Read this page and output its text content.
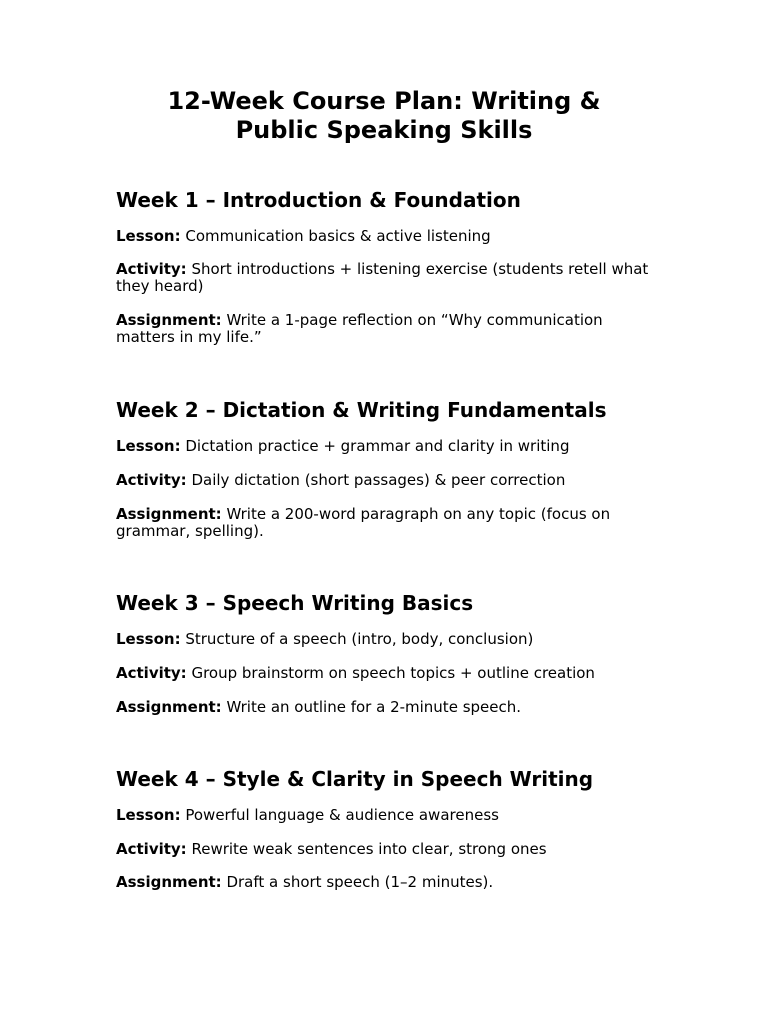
12-Week Course Plan: Writing &
Public Speaking Skills
Week 1 – Introduction & Foundation

Lesson: Communication basics & active listening

Activity: Short introductions + listening exercise (students retell what they heard)

Assignment: Write a 1-page reflection on “Why communication matters in my life.”

Week 2 – Dictation & Writing Fundamentals

Lesson: Dictation practice + grammar and clarity in writing

Activity: Daily dictation (short passages) & peer correction

Assignment: Write a 200-word paragraph on any topic (focus on grammar, spelling).

Week 3 – Speech Writing Basics

Lesson: Structure of a speech (intro, body, conclusion)

Activity: Group brainstorm on speech topics + outline creation

Assignment: Write an outline for a 2-minute speech.

Week 4 – Style & Clarity in Speech Writing

Lesson: Powerful language & audience awareness

Activity: Rewrite weak sentences into clear, strong ones

Assignment: Draft a short speech (1–2 minutes).
